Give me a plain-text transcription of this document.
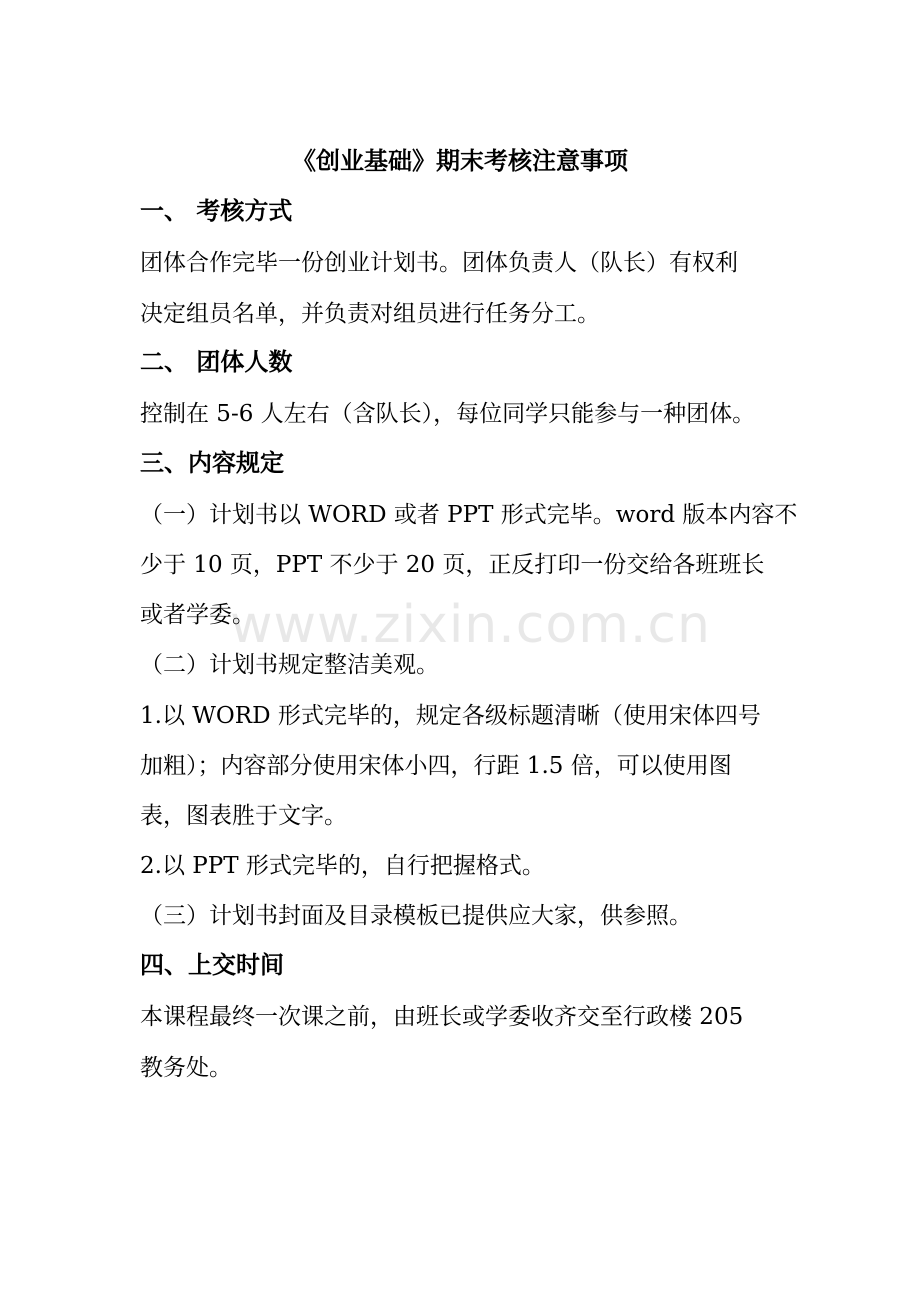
《创业基础》期末考核注意事项
一、 考核方式
团体合作完毕一份创业计划书。团体负责人（队长）有权利
决定组员名单，并负责对组员进行任务分工。
二、 团体人数
控制在 5-6 人左右（含队长），每位同学只能参与一种团体。
三、内容规定
（一）计划书以 WORD 或者 PPT 形式完毕。word 版本内容不
少于 10 页，PPT 不少于 20 页，正反打印一份交给各班班长
或者学委。
（二）计划书规定整洁美观。
1.以 WORD 形式完毕的，规定各级标题清晰（使用宋体四号
加粗）；内容部分使用宋体小四，行距 1.5 倍，可以使用图
表，图表胜于文字。
2.以 PPT 形式完毕的，自行把握格式。
（三）计划书封面及目录模板已提供应大家，供参照。
四、上交时间
本课程最终一次课之前，由班长或学委收齐交至行政楼 205
教务处。
www.zixin.com.cn
